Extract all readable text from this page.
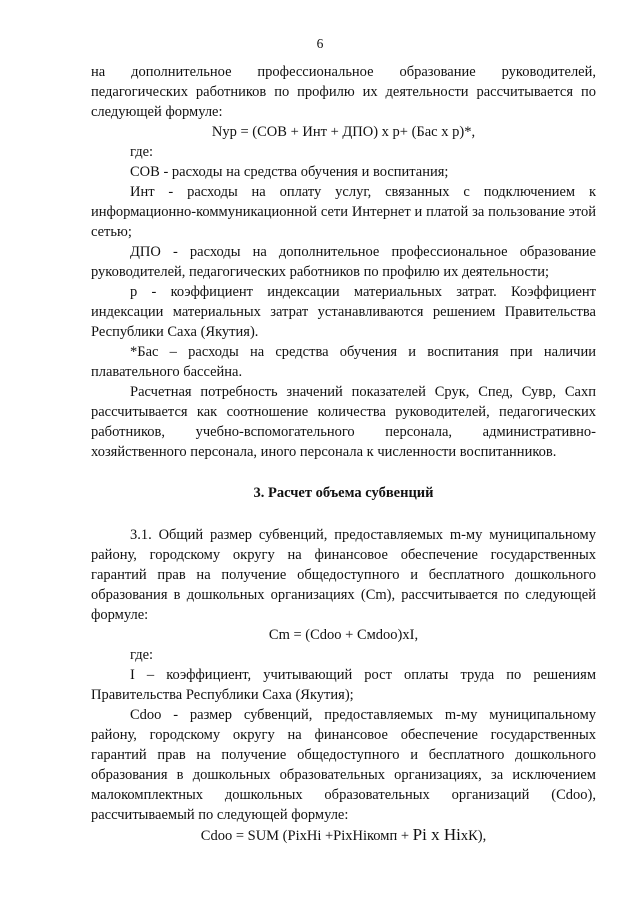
6

на дополнительное профессиональное образование руководителей, педагогических работников по профилю их деятельности рассчитывается по следующей формуле:

Nур = (СОВ + Инт + ДПО) х р+ (Бас х р)*,

где:

СОВ - расходы на средства обучения и воспитания;

Инт - расходы на оплату услуг, связанных с подключением к информационно-коммуникационной сети Интернет и платой за пользование этой сетью;

ДПО - расходы на дополнительное профессиональное образование руководителей, педагогических работников по профилю их деятельности;

р - коэффициент индексации материальных затрат. Коэффициент индексации материальных затрат устанавливаются решением Правительства Республики Саха (Якутия).

*Бас – расходы на средства обучения и воспитания при наличии плавательного бассейна.

Расчетная потребность значений показателей Срук, Спед, Сувр, Сахп рассчитывается как соотношение количества руководителей, педагогических работников, учебно-вспомогательного персонала, административно-хозяйственного персонала, иного персонала к численности воспитанников.

3. Расчет объема субвенций

3.1. Общий размер субвенций, предоставляемых m-му муниципальному району, городскому округу на финансовое обеспечение государственных гарантий прав на получение общедоступного и бесплатного дошкольного образования в дошкольных организациях (Сm), рассчитывается по следующей формуле:

Сm = (Cdoo + Cмdoo)хI,

где:

I – коэффициент, учитывающий рост оплаты труда по решениям Правительства Республики Саха (Якутия);

Cdoo - размер субвенций, предоставляемых m-му муниципальному району, городскому округу на финансовое обеспечение государственных гарантий прав на получение общедоступного и бесплатного дошкольного образования в дошкольных образовательных организациях, за исключением малокомплектных дошкольных образовательных организаций (Cdoo), рассчитываемый по следующей формуле:

Cdoo = SUM (PiхHi +PiхHiкомп + Pi х HiхК),
